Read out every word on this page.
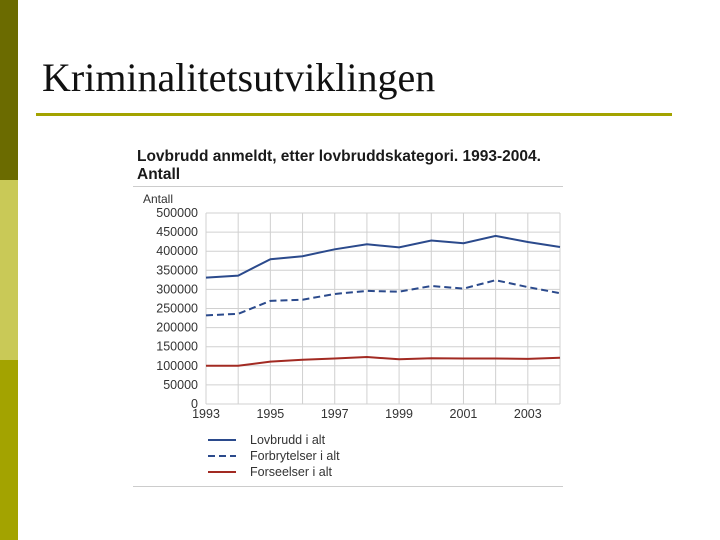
Kriminalitetsutviklingen
Lovbrudd anmeldt, etter lovbruddskategori. 1993-2004. Antall
Antall
0
50000
100000
150000
200000
250000
300000
350000
400000
450000
500000
1993	1995	1997	1999	2001	2003
Lovbrudd i alt
Forbrytelser i alt
Forseelser i alt
